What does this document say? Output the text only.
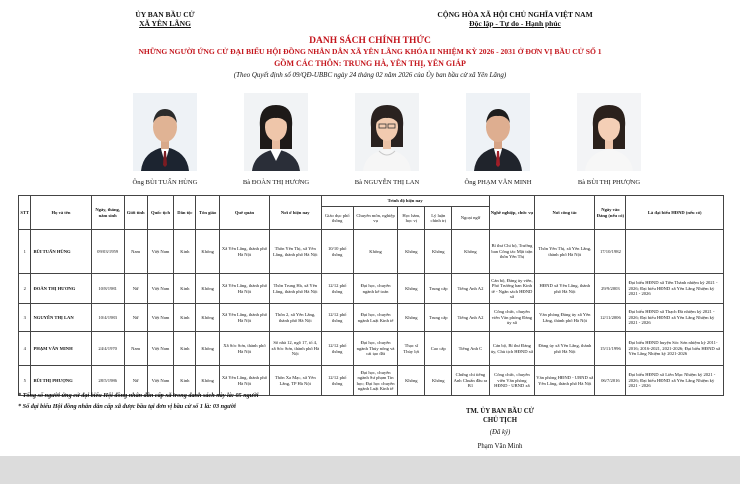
ỦY BAN BẦU CỬ
XÃ YÊN LÃNG
CỘNG HÒA XÃ HỘI CHỦ NGHĨA VIỆT NAM
Độc lập - Tự do - Hạnh phúc
DANH SÁCH CHÍNH THỨC
NHỮNG NGƯỜI ỨNG CỬ ĐẠI BIỂU HỘI ĐỒNG NHÂN DÂN XÃ YÊN LÃNG KHÓA II NHIỆM KỲ 2026 - 2031 Ở ĐƠN VỊ BẦU CỬ SỐ 1
GỒM CÁC THÔN: TRUNG HÀ, YÊN THỊ, YÊN GIÁP
(Theo Quyết định số 09/QĐ-UBBC ngày 24 tháng 02 năm 2026 của Ủy ban bầu cử xã Yên Lãng)
Ông BÙI TUẤN HÙNG	Bà ĐOÀN THỊ HƯƠNG	Bà NGUYỄN THỊ LAN	Ông PHẠM VĂN MINH	Bà BÙI THỊ PHƯỢNG
STT	Họ và tên	Ngày, tháng, năm sinh	Giới tính	Quốc tịch	Dân tộc	Tôn giáo	Quê quán	Nơi ở hiện nay	Trình độ hiện nay					Nghề nghiệp, chức vụ	Nơi công tác	Ngày vào Đảng (nếu có)	Là đại biểu HĐND (nếu có)
									Giáo dục phổ thông	Chuyên môn, nghiệp vụ	Học hàm, học vị	Lý luận chính trị	Ngoại ngữ				
1	BÙI TUẤN HÙNG	09/03/1959	Nam	Việt Nam	Kinh	Không	Xã Yên Lãng, thành phố Hà Nội	Thôn Yên Thị, xã Yên Lãng, thành phố Hà Nội	10/10 phổ thông	Không	Không	Không	Không	Bí thư Chi bộ, Trưởng ban Công tác Mặt trận thôn Yên Thị	Thôn Yên Thị, xã Yên Lãng, thành phố Hà Nội	17/10/1982	
2	ĐOÀN THỊ HƯƠNG	10/8/1981	Nữ	Việt Nam	Kinh	Không	Xã Yên Lãng, thành phố Hà Nội	Thôn Trung Hà, xã Yên Lãng, thành phố Hà Nội	12/12 phổ thông	Đại học, chuyên ngành kế toán	Không	Trung cấp	Tiếng Anh A2	Cán bộ, Đảng ủy viên, Phó Trưởng ban Kinh tế - Ngân sách HĐND xã	HĐND xã Yên Lãng, thành phố Hà Nội	29/9/2003	Đại biểu HĐND xã Tiền Thành nhiệm kỳ 2021 - 2026; Đại biểu HĐND xã Yên Lãng Nhiệm kỳ 2021 - 2026
3	NGUYỄN THỊ LAN	10/4/1983	Nữ	Việt Nam	Kinh	Không	Xã Yên Lãng, thành phố Hà Nội	Thôn 2, xã Yên Lãng, thành phố Hà Nội	12/12 phổ thông	Đại học, chuyên ngành Luật Kinh tế	Không	Trung cấp	Tiếng Anh A2	Công chức, chuyên viên Văn phòng Đảng ủy xã	Văn phòng Đảng ủy xã Yên Lãng, thành phố Hà Nội	12/11/2006	Đại biểu HĐND xã Thạch Đà nhiệm kỳ 2021 - 2026; Đại biểu HĐND xã Yên Lãng Nhiệm kỳ 2021 - 2026
4	PHẠM VĂN MINH	24/4/1970	Nam	Việt Nam	Kinh	Không	Xã Sóc Sơn, thành phố Hà Nội	Số nhà 12, ngõ 17, tổ 4, xã Sóc Sơn, thành phố Hà Nội	12/12 phổ thông	Đại học, chuyên ngành Thủy nông và cải tạo đất	Thạc sĩ Thủy lợi	Cao cấp	Tiếng Anh C	Cán bộ, Bí thư Đảng ủy, Chủ tịch HĐND xã	Đảng ủy xã Yên Lãng, thành phố Hà Nội	15/11/1996	Đại biểu HĐND huyện Sóc Sơn nhiệm kỳ 2011-2016; 2016-2021, 2021-2026; Đại biểu HĐND xã Yên Lãng Nhiệm kỳ 2021-2026
5	BÙI THỊ PHƯỢNG	28/5/1986	Nữ	Việt Nam	Kinh	Không	Xã Yên Lãng, thành phố Hà Nội	Thôn Xa Mạc, xã Yên Lãng, TP Hà Nội	12/12 phổ thông	Đại học, chuyên ngành Sư phạm Tin học; Đại học chuyên ngành Luật Kinh tế	Không	Không	Chứng chỉ tiếng Anh Chuẩn đầu ra B1	Công chức, chuyên viên Văn phòng HĐND - UBND xã	Văn phòng HĐND - UBND xã Yên Lãng, thành phố Hà Nội	06/7/2016	Đại biểu HĐND xã Liên Mạc Nhiệm kỳ 2021 - 2026; Đại biểu HĐND xã Yên Lãng Nhiệm kỳ 2021 - 2026
* Tổng số người ứng cử đại biểu Hội đồng nhân dân cấp xã trong danh sách này là: 05 người
* Số đại biểu Hội đồng nhân dân cấp xã được bầu tại đơn vị bầu cử số 1 là: 03 người
TM. ỦY BAN BẦU CỬ
CHỦ TỊCH
(Đã ký)
Phạm Văn Minh
